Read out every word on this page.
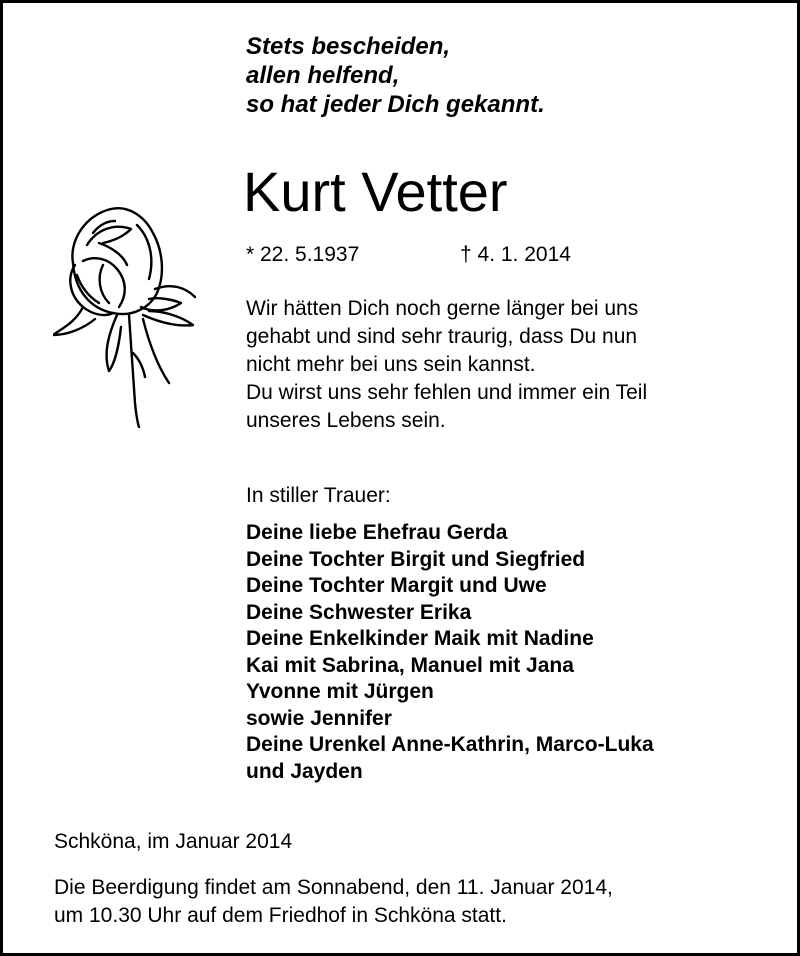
Stets bescheiden,
allen helfend,
so hat jeder Dich gekannt.
Kurt Vetter
* 22. 5.1937	† 4. 1. 2014
Wir hätten Dich noch gerne länger bei uns
gehabt und sind sehr traurig, dass Du nun
nicht mehr bei uns sein kannst.
Du wirst uns sehr fehlen und immer ein Teil
unseres Lebens sein.
In stiller Trauer:
Deine liebe Ehefrau Gerda
Deine Tochter Birgit und Siegfried
Deine Tochter Margit und Uwe
Deine Schwester Erika
Deine Enkelkinder Maik mit Nadine
Kai mit Sabrina, Manuel mit Jana
Yvonne mit Jürgen
sowie Jennifer
Deine Urenkel Anne-Kathrin, Marco-Luka
und Jayden
Schköna, im Januar 2014
Die Beerdigung findet am Sonnabend, den 11. Januar 2014,
um 10.30 Uhr auf dem Friedhof in Schköna statt.
